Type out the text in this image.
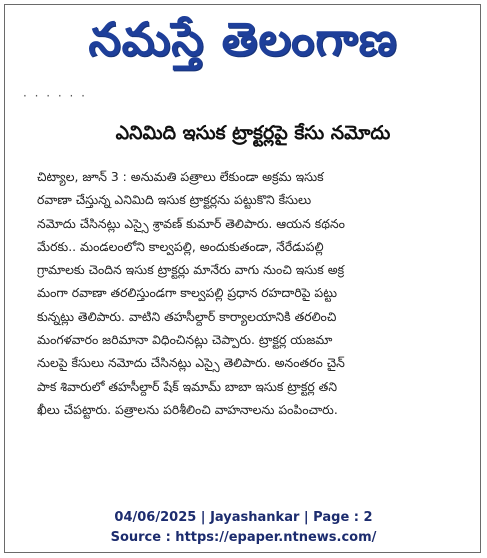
నమస్తే తెలంగాణ
· · · · · ·
ఎనిమిది ఇసుక ట్రాక్టర్లపై కేసు నమోదు
చిట్యాల, జూన్ 3 : అనుమతి పత్రాలు లేకుండా అక్రమ ఇసుక
రవాణా చేస్తున్న ఎనిమిది ఇసుక ట్రాక్టర్లను పట్టుకొని కేసులు
నమోదు చేసినట్లు ఎస్సై శ్రావణ్ కుమార్ తెలిపారు. ఆయన కథనం
మేరకు.. మండలంలోని కాల్వపల్లి, అందుకుతండా, నేరేడుపల్లి
గ్రామాలకు చెందిన ఇసుక ట్రాక్టర్లు మానేరు వాగు నుంచి ఇసుక అక్ర
మంగా రవాణా తరలిస్తుండగా కాల్వపల్లి ప్రధాన రహదారిపై పట్టు
కున్నట్లు తెలిపారు. వాటిని తహసీల్దార్ కార్యాలయానికి తరలించి
మంగళవారం జరిమానా విధించినట్లు చెప్పారు. ట్రాక్టర్ల యజమా
నులపై కేసులు నమోదు చేసినట్లు ఎస్సై తెలిపారు. అనంతరం చైన్
పాక శివారులో తహసీల్దార్ షేక్ ఇమామ్ బాబా ఇసుక ట్రాక్టర్ల తని
ఖీలు చేపట్టారు. పత్రాలను పరిశీలించి వాహనాలను పంపించారు.
04/06/2025 | Jayashankar | Page : 2
Source : https://epaper.ntnews.com/
